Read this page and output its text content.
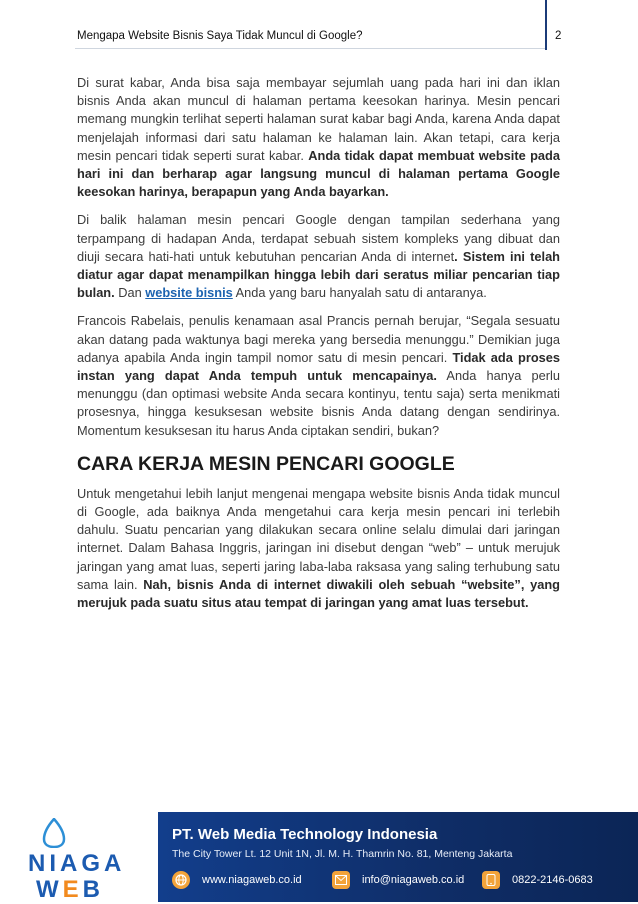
Mengapa Website Bisnis Saya Tidak Muncul di Google?	2

Di surat kabar, Anda bisa saja membayar sejumlah uang pada hari ini dan iklan bisnis Anda akan muncul di halaman pertama keesokan harinya. Mesin pencari memang mungkin terlihat seperti halaman surat kabar bagi Anda, karena Anda dapat menjelajah informasi dari satu halaman ke halaman lain. Akan tetapi, cara kerja mesin pencari tidak seperti surat kabar. Anda tidak dapat membuat website pada hari ini dan berharap agar langsung muncul di halaman pertama Google keesokan harinya, berapapun yang Anda bayarkan.

Di balik halaman mesin pencari Google dengan tampilan sederhana yang terpampang di hadapan Anda, terdapat sebuah sistem kompleks yang dibuat dan diuji secara hati-hati untuk kebutuhan pencarian Anda di internet. Sistem ini telah diatur agar dapat menampilkan hingga lebih dari seratus miliar pencarian tiap bulan. Dan website bisnis Anda yang baru hanyalah satu di antaranya.

Francois Rabelais, penulis kenamaan asal Prancis pernah berujar, “Segala sesuatu akan datang pada waktunya bagi mereka yang bersedia menunggu.” Demikian juga adanya apabila Anda ingin tampil nomor satu di mesin pencari. Tidak ada proses instan yang dapat Anda tempuh untuk mencapainya. Anda hanya perlu menunggu (dan optimasi website Anda secara kontinyu, tentu saja) serta menikmati prosesnya, hingga kesuksesan website bisnis Anda datang dengan sendirinya. Momentum kesuksesan itu harus Anda ciptakan sendiri, bukan?

CARA KERJA MESIN PENCARI GOOGLE

Untuk mengetahui lebih lanjut mengenai mengapa website bisnis Anda tidak muncul di Google, ada baiknya Anda mengetahui cara kerja mesin pencari ini terlebih dahulu. Suatu pencarian yang dilakukan secara online selalu dimulai dari jaringan internet. Dalam Bahasa Inggris, jaringan ini disebut dengan “web” – untuk merujuk jaringan yang amat luas, seperti jaring laba-laba raksasa yang saling terhubung satu sama lain. Nah, bisnis Anda di internet diwakili oleh sebuah “website”, yang merujuk pada suatu situs atau tempat di jaringan yang amat luas tersebut.

NIAGA
WEB
PT. Web Media Technology Indonesia
The City Tower Lt. 12 Unit 1N, Jl. M. H. Thamrin No. 81, Menteng Jakarta
www.niagaweb.co.id	info@niagaweb.co.id	0822-2146-0683
